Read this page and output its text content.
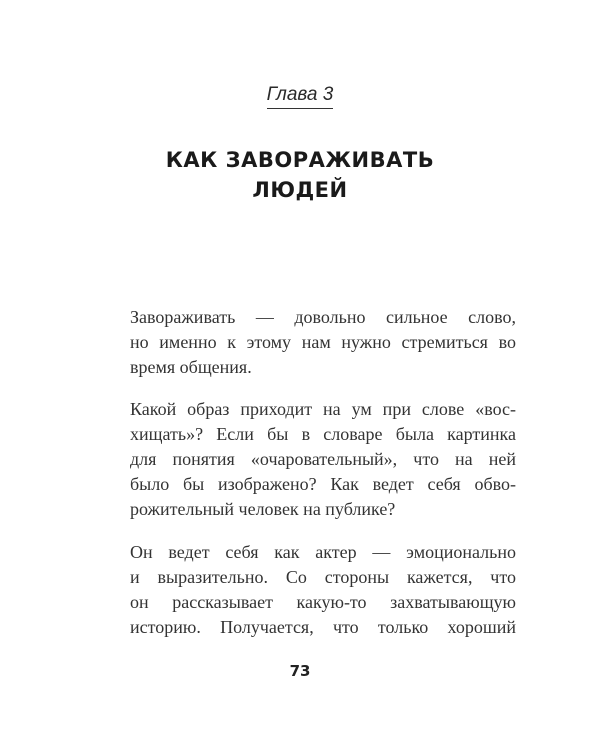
Глава 3
КАК ЗАВОРАЖИВАТЬ
ЛЮДЕЙ
Завораживать — довольно сильное слово,
но именно к этому нам нужно стремиться во
время общения.
Какой образ приходит на ум при слове «вос-
хищать»? Если бы в словаре была картинка
для понятия «очаровательный», что на ней
было бы изображено? Как ведет себя обво-
рожительный человек на публике?
Он ведет себя как актер — эмоционально
и выразительно. Со стороны кажется, что
он рассказывает какую-то захватывающую
историю. Получается, что только хороший
73
